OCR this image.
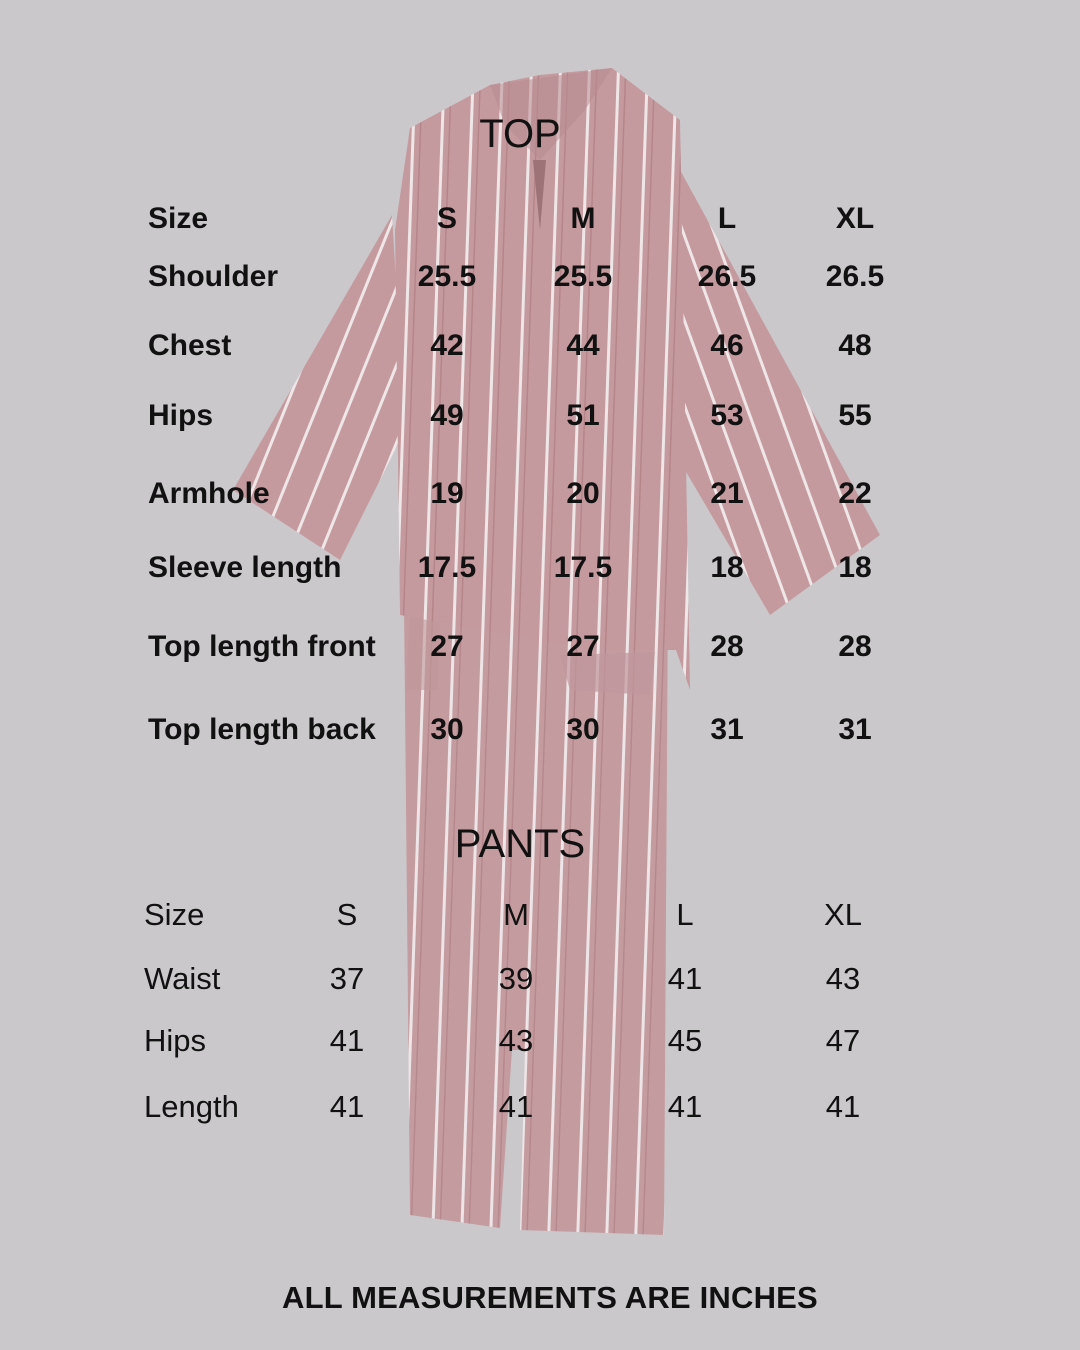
TOP
PANTS
Size	S	M	L	XL
Shoulder	25.5	25.5	26.5 26.5
Chest	42	44	46	48
Hips	49	51	53	55
Armhole	19	20	21	22
Sleeve length	17.5	17.5	18	18
Top length front 27	27	28	28
Top length back 30	30	31	31
Size	S	M	L	XL
Waist	37	39	41	43
Hips	41	43	45	47
Length	41	41	41	41
ALL MEASUREMENTS ARE INCHES
